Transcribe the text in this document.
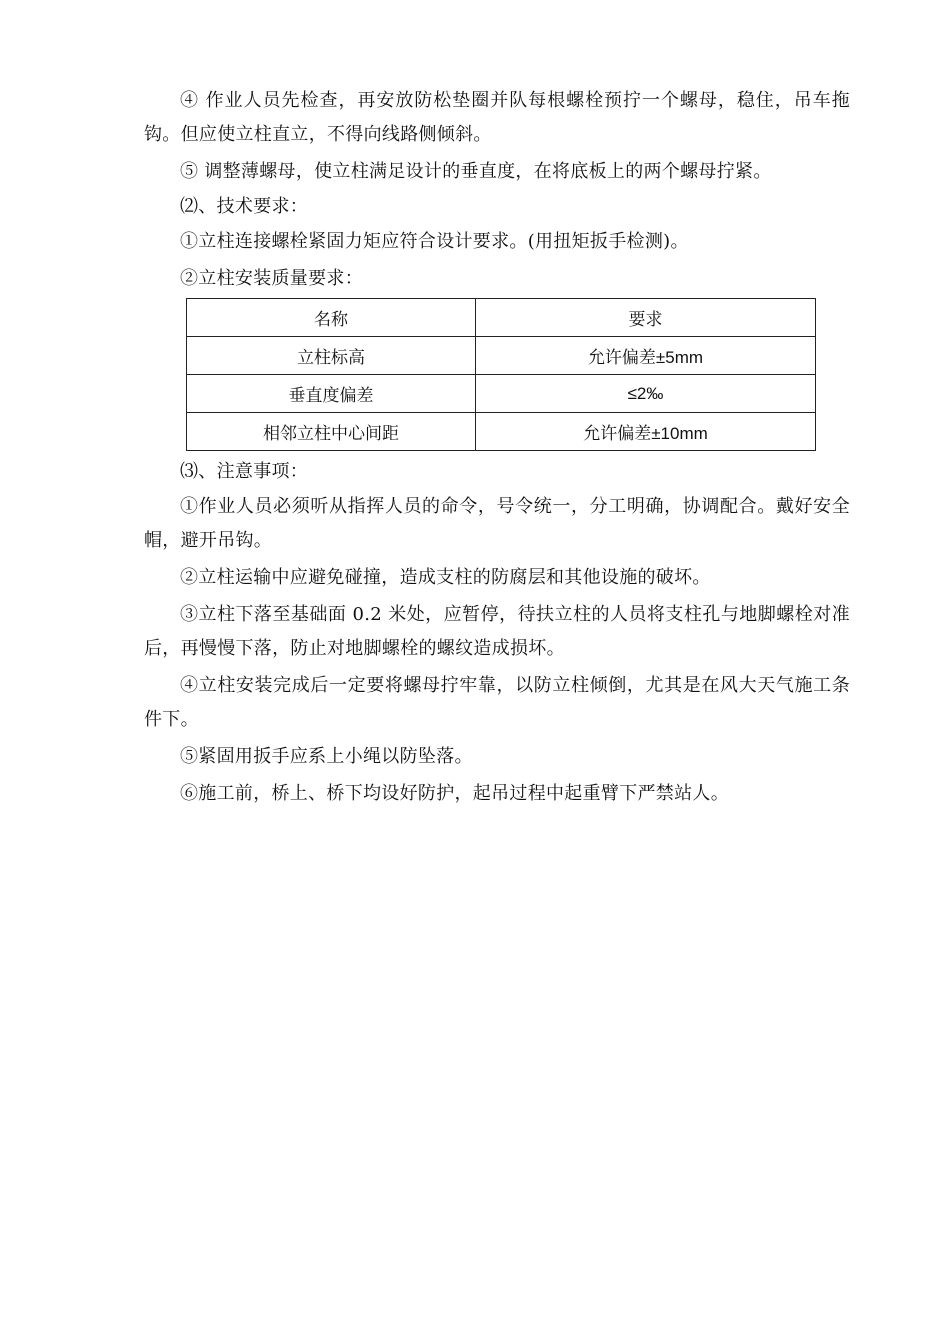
④ 作业人员先检查，再安放防松垫圈并队每根螺栓预拧一个螺母，稳住，吊车拖钩。但应使立柱直立，不得向线路侧倾斜。

⑤ 调整薄螺母，使立柱满足设计的垂直度，在将底板上的两个螺母拧紧。

⑵、技术要求：

①立柱连接螺栓紧固力矩应符合设计要求。(用扭矩扳手检测)。

②立柱安装质量要求：

名称	要求
立柱标高	允许偏差±5mm
垂直度偏差	≤2‰
相邻立柱中心间距	允许偏差±10mm

⑶、注意事项：

①作业人员必须听从指挥人员的命令，号令统一，分工明确，协调配合。戴好安全帽，避开吊钩。

②立柱运输中应避免碰撞，造成支柱的防腐层和其他设施的破坏。

③立柱下落至基础面 0.2 米处，应暂停，待扶立柱的人员将支柱孔与地脚螺栓对准后，再慢慢下落，防止对地脚螺栓的螺纹造成损坏。

④立柱安装完成后一定要将螺母拧牢靠，以防立柱倾倒，尤其是在风大天气施工条件下。

⑤紧固用扳手应系上小绳以防坠落。

⑥施工前，桥上、桥下均设好防护，起吊过程中起重臂下严禁站人。
